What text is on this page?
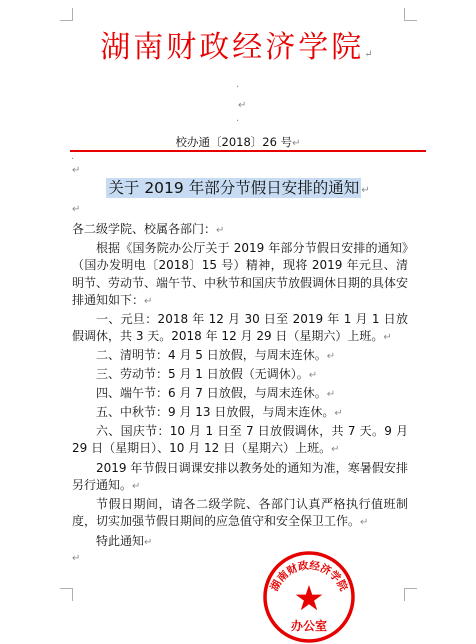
湖南财政经济学院↵
·
↵
·
校办通〔2018〕26 号↵
·
↵
关于 2019 年部分节假日安排的通知 ↵
↵
各二级学院、校属各部门：↵
根据《国务院办公厅关于 2019 年部分节假日安排的通知》（国办发明电〔2018〕15 号）精神，现将 2019 年元旦、清明节、劳动节、端午节、中秋节和国庆节放假调休日期的具体安排通知如下：↵
一、元旦：2018 年 12 月 30 日至 2019 年 1 月 1 日放假调休，共 3 天。2018 年 12 月 29 日（星期六）上班。↵
二、清明节：4 月 5 日放假，与周末连休。↵
三、劳动节：5 月 1 日放假（无调休）。↵
四、端午节：6 月 7 日放假，与周末连休。↵
五、中秋节：9 月 13 日放假，与周末连休。↵
六、国庆节：10 月 1 日至 7 日放假调休，共 7 天。9 月 29 日（星期日）、10 月 12 日（星期六）上班。↵
2019 年节假日调课安排以教务处的通知为准，寒暑假安排另行通知。↵
节假日期间，请各二级学院、各部门认真严格执行值班制度，切实加强节假日期间的应急值守和安全保卫工作。↵
特此通知↵
↵
湖南财政经济学院
办公室
